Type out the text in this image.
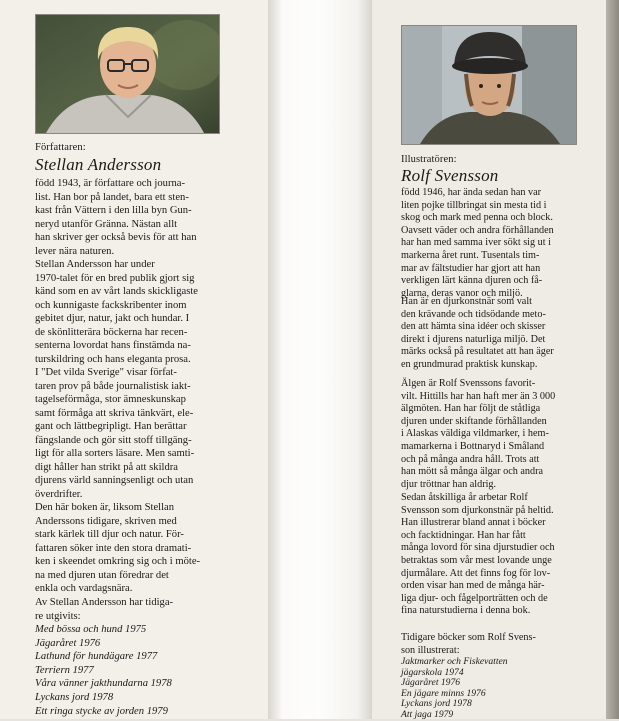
Författaren:
Stellan Andersson

född 1943, är författare och journa-
list. Han bor på landet, bara ett sten-
kast från Vättern i den lilla byn Gun-
neryd utanför Gränna. Nästan allt
han skriver ger också bevis för att han
lever nära naturen.

Stellan Andersson har under
1970-talet för en bred publik gjort sig
känd som en av vårt lands skickligaste
och kunnigaste fackskribenter inom
gebitet djur, natur, jakt och hundar. I
de skönlitterära böckerna har recen-
senterna lovordat hans finstämda na-
turskildring och hans eleganta prosa.

I "Det vilda Sverige" visar förfat-
taren prov på både journalistisk iakt-
tagelseförmåga, stor ämneskunskap
samt förmåga att skriva tänkvärt, ele-
gant och lättbegripligt. Han berättar
fängslande och gör sitt stoff tillgäng-
ligt för alla sorters läsare. Men samti-
digt håller han strikt på att skildra
djurens värld sanningsenligt och utan
överdrifter.

Den här boken är, liksom Stellan
Anderssons tidigare, skriven med
stark kärlek till djur och natur. För-
fattaren söker inte den stora dramati-
ken i skeendet omkring sig och i möte-
na med djuren utan föredrar det
enkla och vardagsnära.

Av Stellan Andersson har tidiga-
re utgivits:

Med bössa och hund 1975
Jägaråret 1976
Lathund för hundägare 1977
Terriern 1977
Våra vänner jakthundarna 1978
Lyckans jord 1978
Ett ringa stycke av jorden 1979
Illustratören:
Rolf Svensson

född 1946, har ända sedan han var
liten pojke tillbringat sin mesta tid i
skog och mark med penna och block.
Oavsett väder och andra förhållanden
har han med samma iver sökt sig ut i
markerna året runt. Tusentals tim-
mar av fältstudier har gjort att han
verkligen lärt känna djuren och få-
glarna, deras vanor och miljö.

Han är en djurkonstnär som valt
den krävande och tidsödande meto-
den att hämta sina idéer och skisser
direkt i djurens naturliga miljö. Det
märks också på resultatet att han äger
en grundmurad praktisk kunskap.

Älgen är Rolf Svenssons favorit-
vilt. Hittills har han haft mer än 3 000
älgmöten. Han har följt de ståtliga
djuren under skiftande förhållanden
i Alaskas väldiga vildmarker, i hem-
mamarkerna i Bottnaryd i Småland
och på många andra håll. Trots att
han mött så många älgar och andra
djur tröttnar han aldrig.

Sedan åtskilliga år arbetar Rolf
Svensson som djurkonstnär på heltid.
Han illustrerar bland annat i böcker
och facktidningar. Han har fått
många lovord för sina djurstudier och
betraktas som vår mest lovande unge
djurmålare. Att det finns fog för lov-
orden visar han med de många här-
liga djur- och fågelporträtten och de
fina naturstudierna i denna bok.

Tidigare böcker som Rolf Svens-
son illustrerat:

Jaktmarker och Fiskevatten
jägarskola 1974
Jägaråret 1976
En jägare minns 1976
Lyckans jord 1978
Att jaga 1979
